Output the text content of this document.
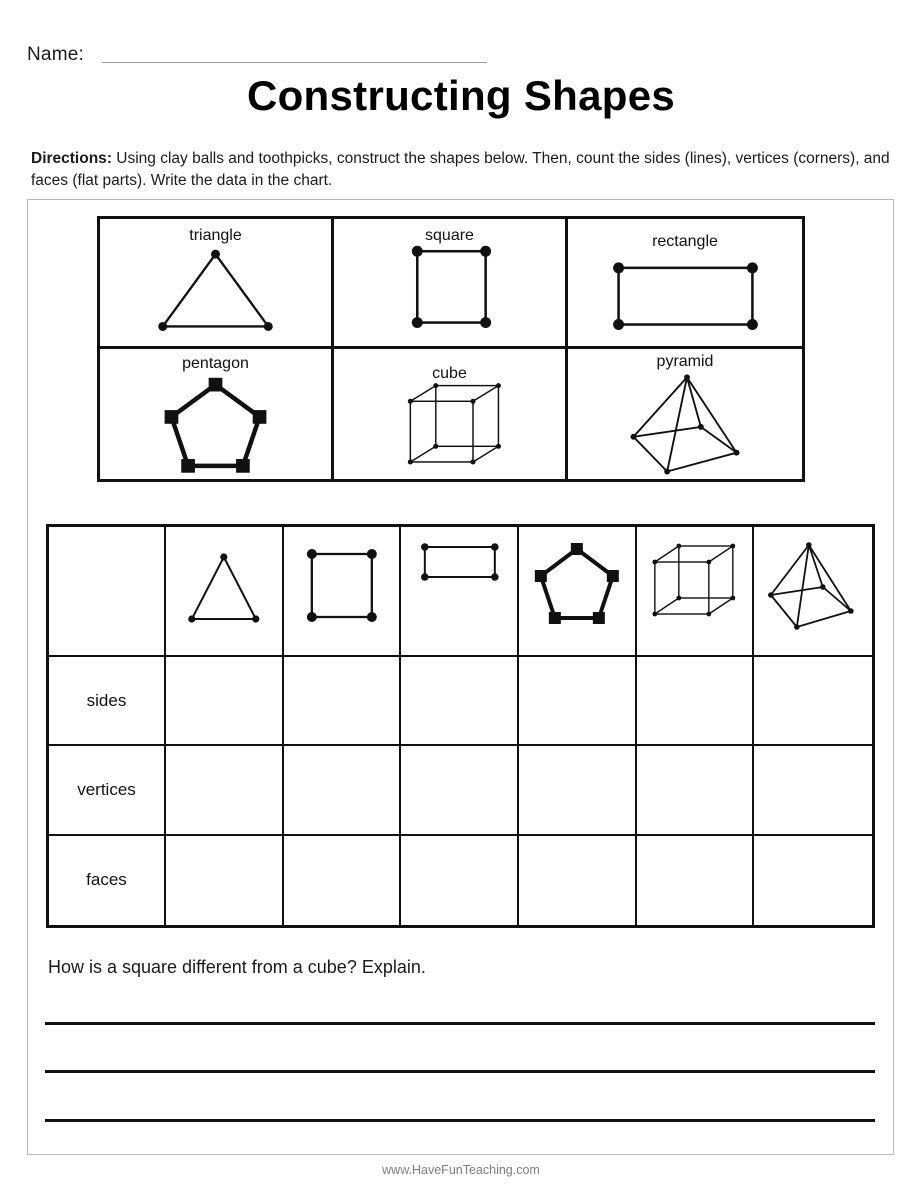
Name:
Constructing Shapes
Directions: Using clay balls and toothpicks, construct the shapes below. Then, count the sides (lines), vertices (corners), and faces (flat parts). Write the data in the chart.
triangle	square	rectangle
pentagon
cube
pyramid
sides
vertices
faces
How is a square different from a cube? Explain.
www.HaveFunTeaching.com
